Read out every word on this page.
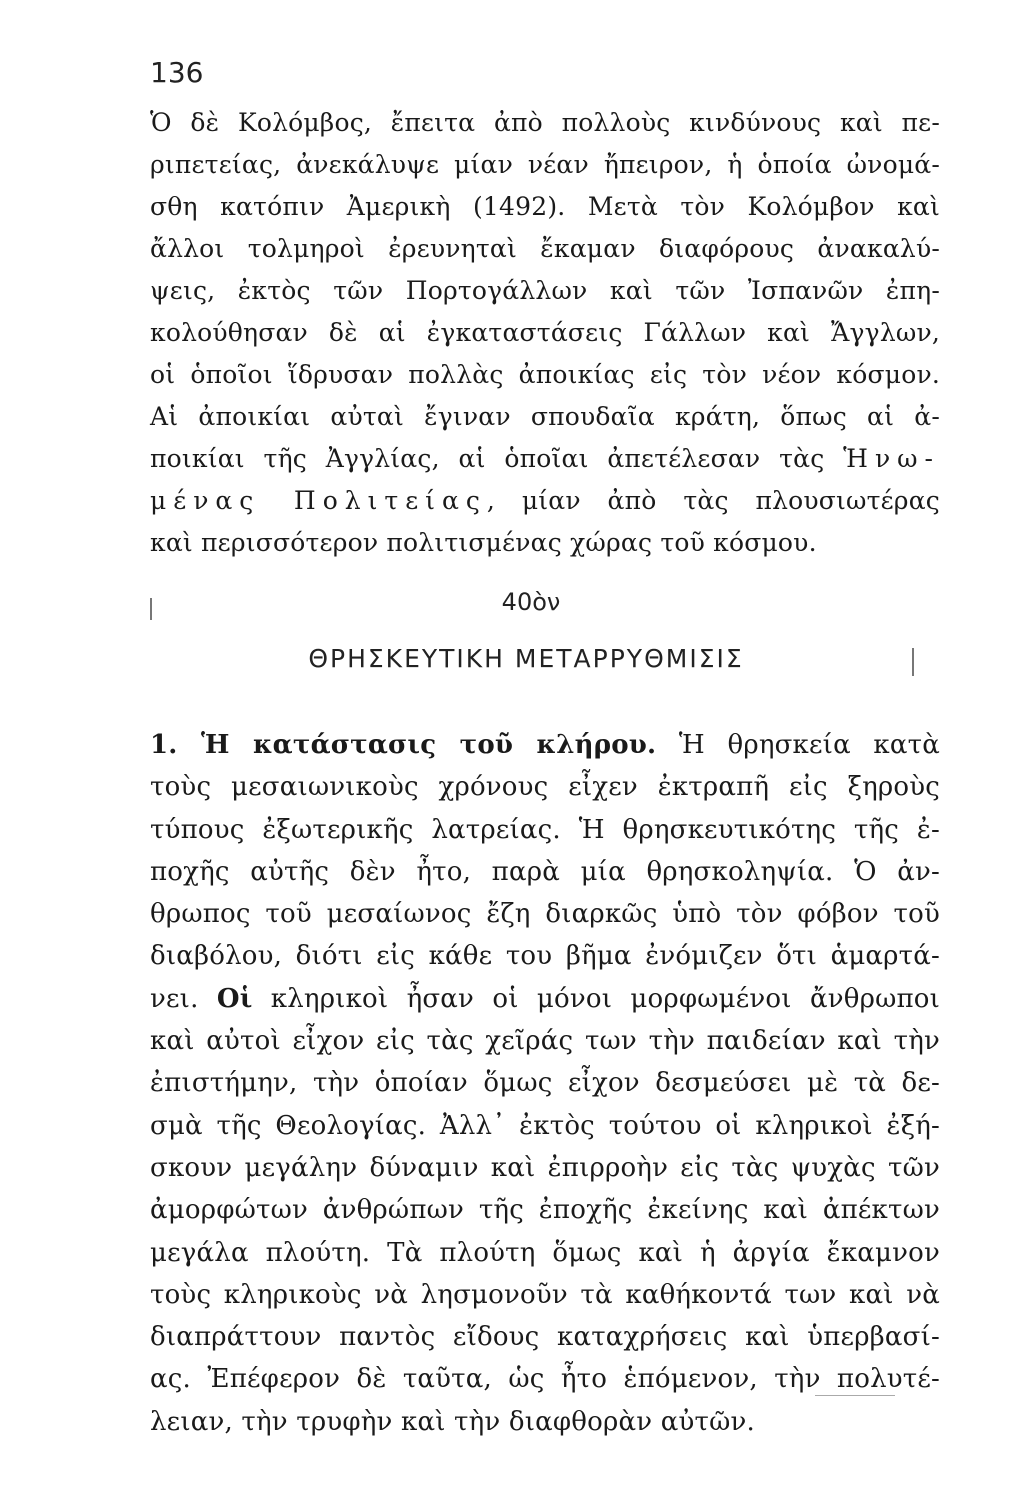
136
Ὁ δὲ Κολόμβος, ἔπειτα ἀπὸ πολλοὺς κινδύνους καὶ πε-
ριπετείας, ἀνεκάλυψε μίαν νέαν ἤπειρον, ἡ ὁποία ὠνομά-
σθη κατόπιν Ἀμερικὴ (1492). Μετὰ τὸν Κολόμβον καὶ
ἄλλοι τολμηροὶ ἐρευνηταὶ ἔκαμαν διαφόρους ἀνακαλύ-
ψεις, ἐκτὸς τῶν Πορτογάλλων καὶ τῶν Ἰσπανῶν ἐπη-
κολούθησαν δὲ αἱ ἐγκαταστάσεις Γάλλων καὶ Ἄγγλων,
οἱ ὁποῖοι ἵδρυσαν πολλὰς ἀποικίας εἰς τὸν νέον κόσμον.
Αἱ ἀποικίαι αὐταὶ ἔγιναν σπουδαῖα κράτη, ὅπως αἱ ἀ-
ποικίαι τῆς Ἀγγλίας, αἱ ὁποῖαι ἀπετέλεσαν τὰς Ἡνω-
μένας Πολιτείας, μίαν ἀπὸ τὰς πλουσιωτέρας
καὶ περισσότερον πολιτισμένας χώρας τοῦ κόσμου.
40ὸν
ΘΡΗΣΚΕΥΤΙΚΗ ΜΕΤΑΡΡΥΘΜΙΣΙΣ
1. Ἡ κατάστασις τοῦ κλήρου. Ἡ θρησκεία κατὰ
τοὺς μεσαιωνικοὺς χρόνους εἶχεν ἐκτραπῆ εἰς ξηροὺς
τύπους ἐξωτερικῆς λατρείας. Ἡ θρησκευτικότης τῆς ἐ-
ποχῆς αὐτῆς δὲν ἦτο, παρὰ μία θρησκοληψία. Ὁ ἀν-
θρωπος τοῦ μεσαίωνος ἔζη διαρκῶς ὑπὸ τὸν φόβον τοῦ
διαβόλου, διότι εἰς κάθε του βῆμα ἐνόμιζεν ὅτι ἁμαρτά-
νει. Οἱ κληρικοὶ ἦσαν οἱ μόνοι μορφωμένοι ἄνθρωποι
καὶ αὐτοὶ εἶχον εἰς τὰς χεῖράς των τὴν παιδείαν καὶ τὴν
ἐπιστήμην, τὴν ὁποίαν ὅμως εἶχον δεσμεύσει μὲ τὰ δε-
σμὰ τῆς Θεολογίας. Ἀλλ᾽ ἐκτὸς τούτου οἱ κληρικοὶ ἐξή-
σκουν μεγάλην δύναμιν καὶ ἐπιρροὴν εἰς τὰς ψυχὰς τῶν
ἀμορφώτων ἀνθρώπων τῆς ἐποχῆς ἐκείνης καὶ ἀπέκτων
μεγάλα πλούτη. Τὰ πλούτη ὅμως καὶ ἡ ἀργία ἔκαμνον
τοὺς κληρικοὺς νὰ λησμονοῦν τὰ καθήκοντά των καὶ νὰ
διαπράττουν παντὸς εἴδους καταχρήσεις καὶ ὑπερβασί-
ας. Ἐπέφερον δὲ ταῦτα, ὡς ἦτο ἑπόμενον, τὴν πολυτέ-
λειαν, τὴν τρυφὴν καὶ τὴν διαφθορὰν αὐτῶν.
